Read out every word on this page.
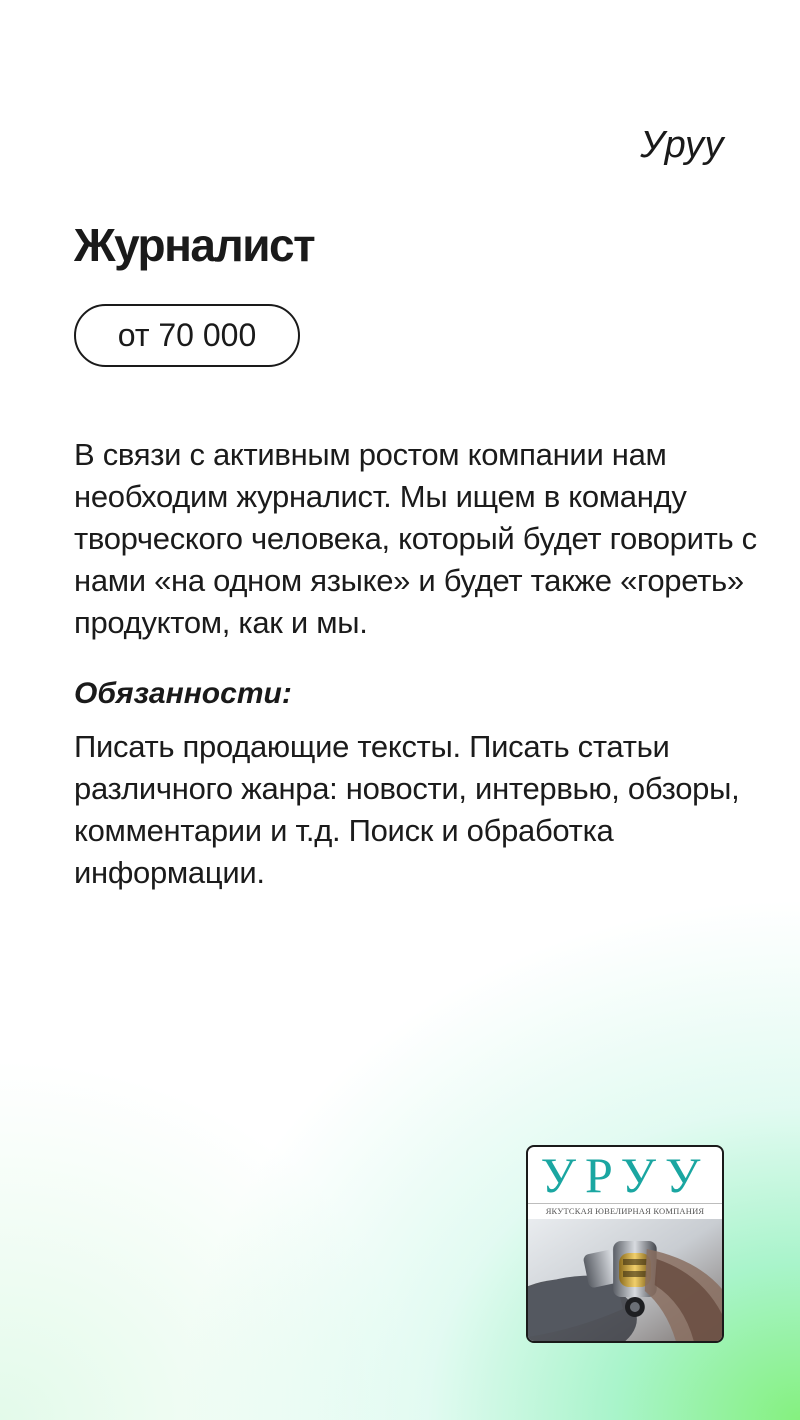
Уруу
Журналист
от 70 000

В связи с активным ростом компании нам необходим журналист. Мы ищем в команду творческого человека, который будет говорить с нами «на одном языке» и будет также «гореть» продуктом, как и мы.

Обязанности:

Писать продающие тексты. Писать статьи различного жанра: новости, интервью, обзоры, комментарии и т.д. Поиск и обработка информации.

УРУУ
ЯКУТСКАЯ ЮВЕЛИРНАЯ КОМПАНИЯ
